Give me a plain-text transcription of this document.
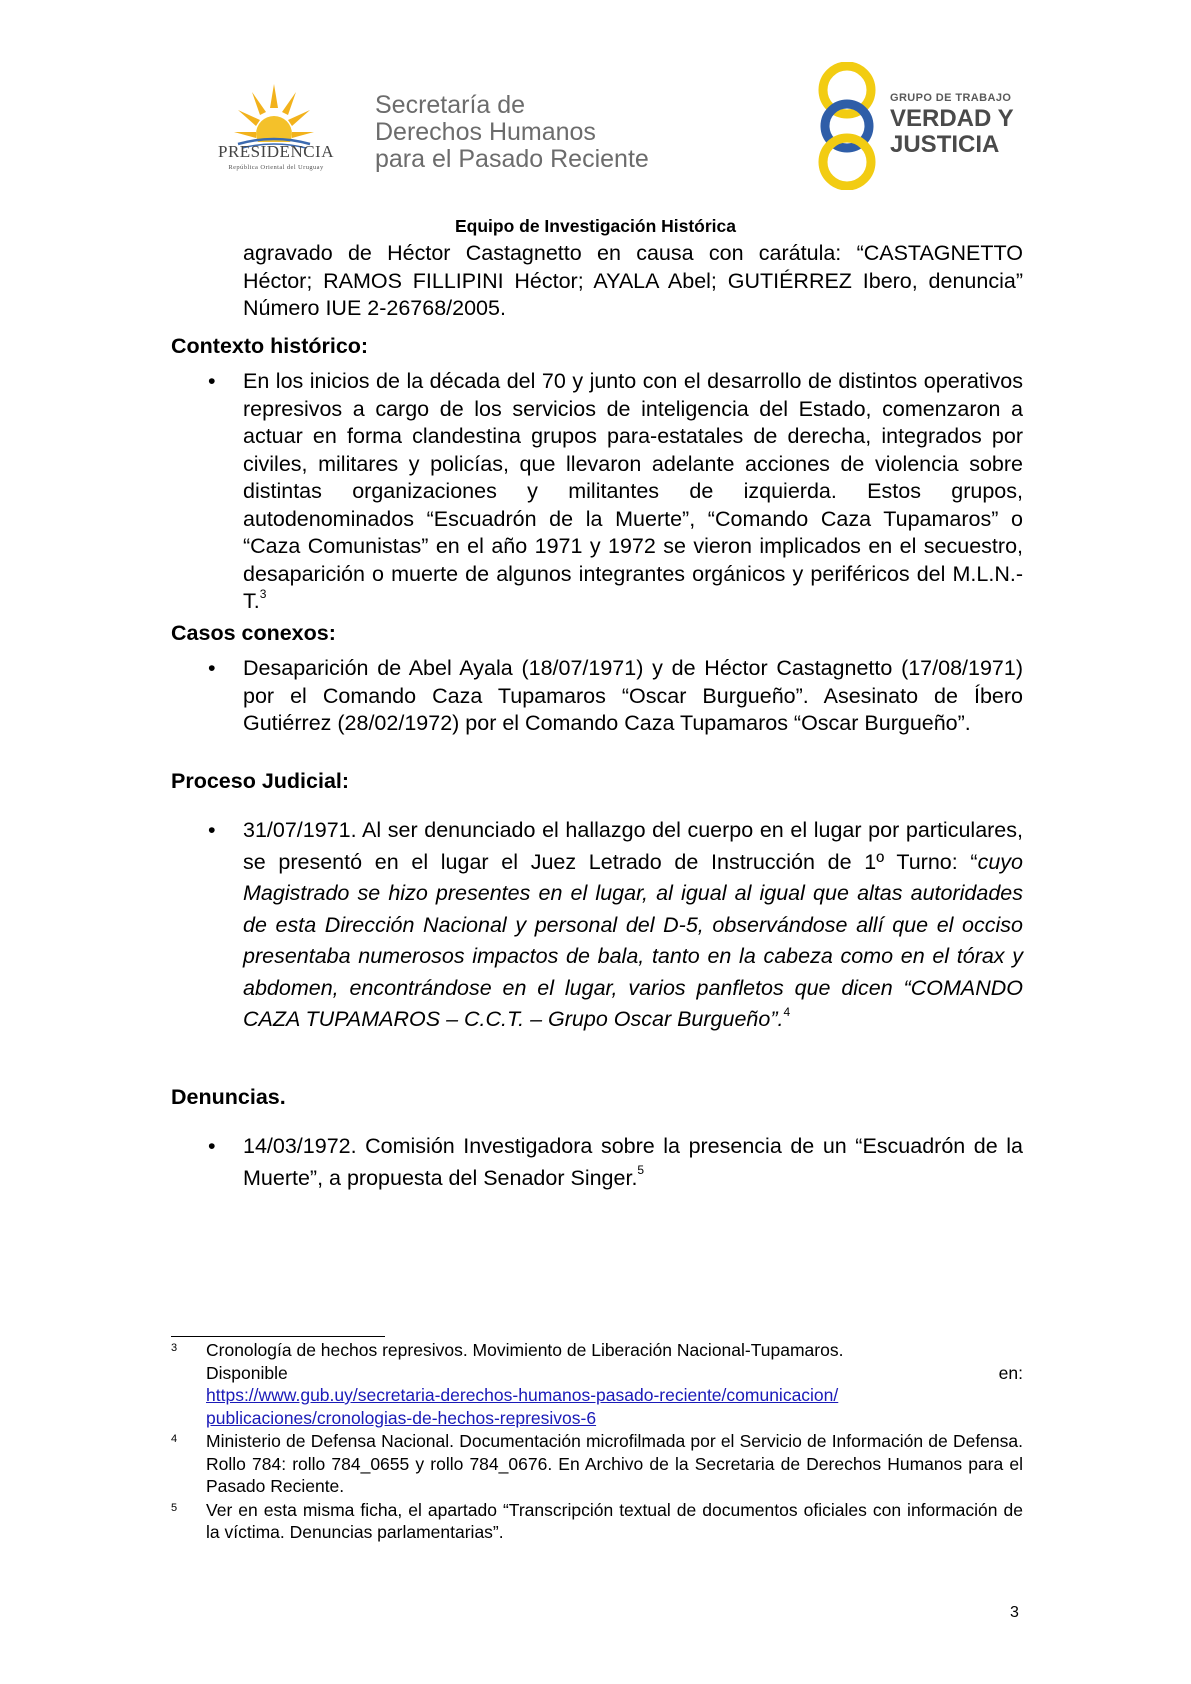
PRESIDENCIA
República Oriental del Uruguay
Secretaría de
Derechos Humanos
para el Pasado Reciente
GRUPO DE TRABAJO
VERDAD Y
JUSTICIA
Equipo de Investigación Histórica
agravado de Héctor Castagnetto en causa con carátula: “CASTAGNETTO Héctor; RAMOS FILLIPINI Héctor; AYALA Abel; GUTIÉRREZ Ibero, denuncia” Número IUE 2-26768/2005.
Contexto histórico:
•	En los inicios de la década del 70 y junto con el desarrollo de distintos operativos represivos a cargo de los servicios de inteligencia del Estado, comenzaron a actuar en forma clandestina grupos para-estatales de derecha, integrados por civiles, militares y policías, que llevaron adelante acciones de violencia sobre distintas organizaciones y militantes de izquierda. Estos grupos, autodenominados “Escuadrón de la Muerte”, “Comando Caza Tupamaros” o “Caza Comunistas” en el año 1971 y 1972 se vieron implicados en el secuestro, desaparición o muerte de algunos integrantes orgánicos y periféricos del M.L.N.-T.$^3$
Casos conexos:
•	Desaparición de Abel Ayala (18/07/1971) y de Héctor Castagnetto (17/08/1971) por el Comando Caza Tupamaros “Oscar Burgueño”. Asesinato de Íbero Gutiérrez (28/02/1972) por el Comando Caza Tupamaros “Oscar Burgueño”.
Proceso Judicial:
•	31/07/1971. Al ser denunciado el hallazgo del cuerpo en el lugar por particulares, se presentó en el lugar el Juez Letrado de Instrucción de 1º Turno: “cuyo Magistrado se hizo presentes en el lugar, al igual al igual que altas autoridades de esta Dirección Nacional y personal del D-5, observándose allí que el occiso presentaba numerosos impactos de bala, tanto en la cabeza como en el tórax y abdomen, encontrándose en el lugar, varios panfletos que dicen “COMANDO CAZA TUPAMAROS – C.C.T. – Grupo Oscar Burgueño”.$^4$
Denuncias.
•	14/03/1972. Comisión Investigadora sobre la presencia de un “Escuadrón de la Muerte”, a propuesta del Senador Singer.$^5$
3	Cronología de hechos represivos. Movimiento de Liberación Nacional-Tupamaros.
Disponible	en:
https://www.gub.uy/secretaria-derechos-humanos-pasado-reciente/comunicacion/
publicaciones/cronologias-de-hechos-represivos-6
4	Ministerio de Defensa Nacional. Documentación microfilmada por el Servicio de Información de Defensa. Rollo 784: rollo 784_0655 y rollo 784_0676. En Archivo de la Secretaria de Derechos Humanos para el Pasado Reciente.
5	Ver en esta misma ficha, el apartado “Transcripción textual de documentos oficiales con información de la víctima. Denuncias parlamentarias”.
3
